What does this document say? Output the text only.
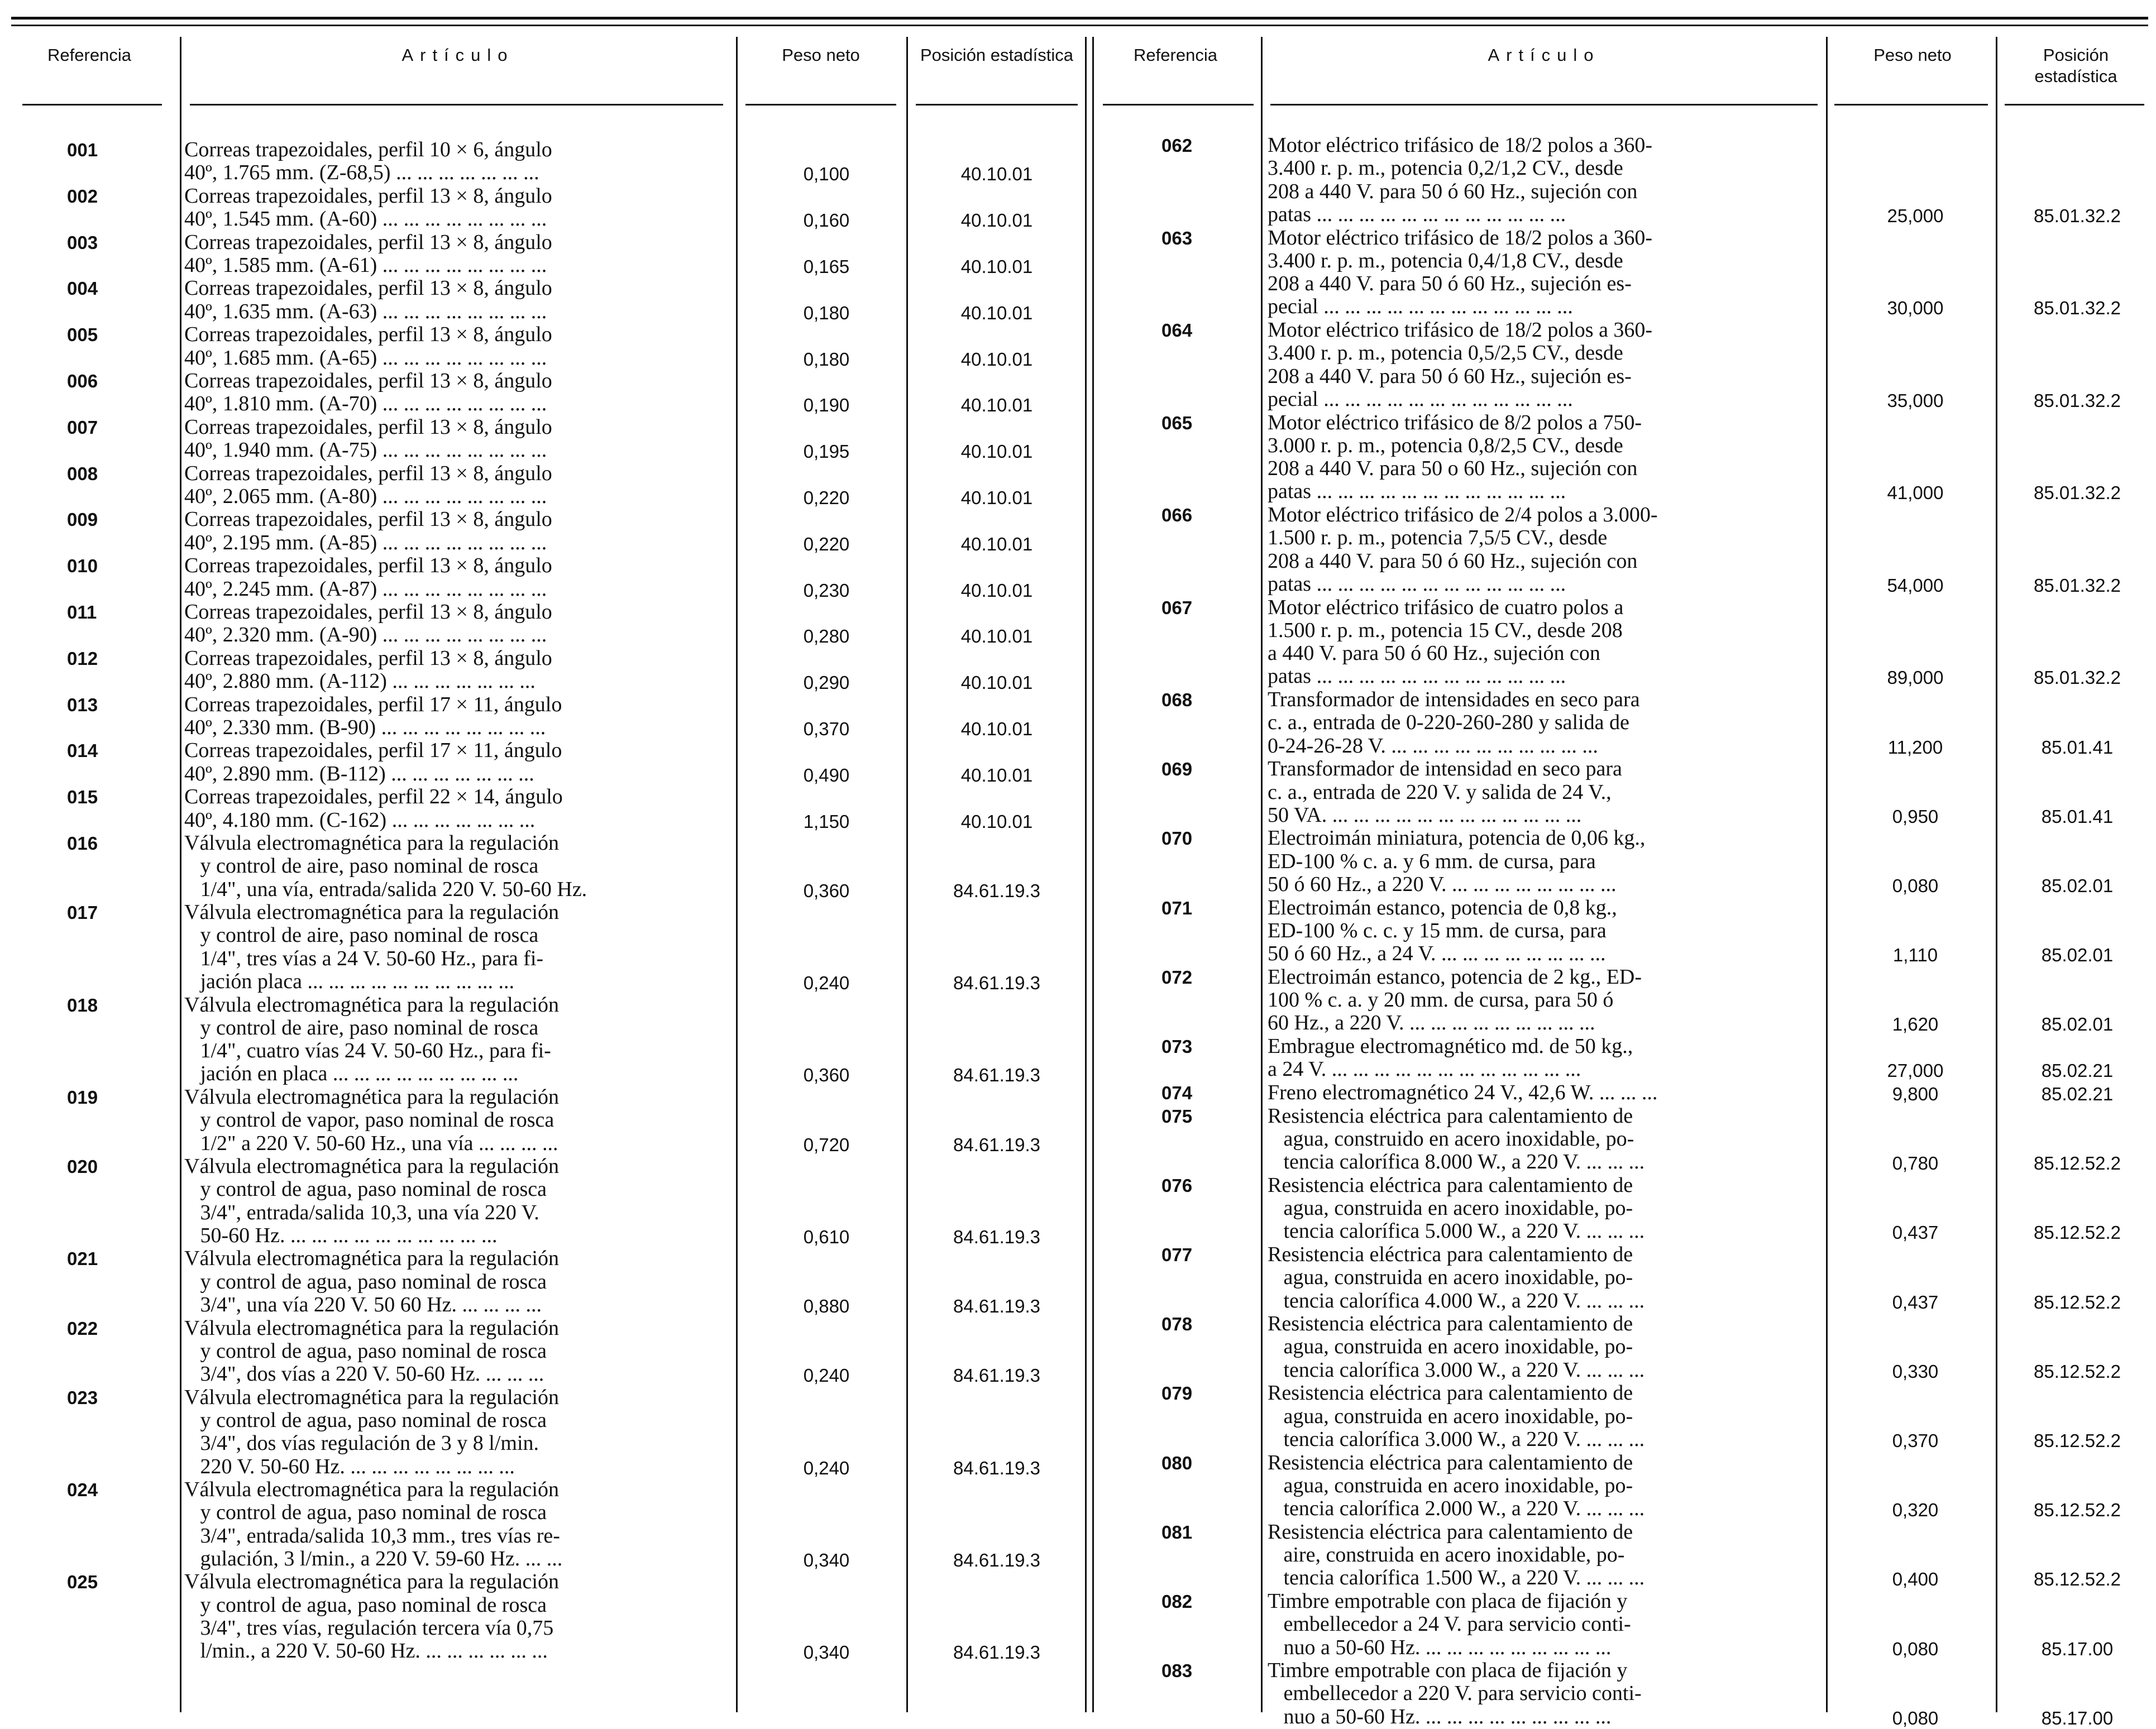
Referencia	Artículo	Peso neto	Posición estadística	Referencia	Artículo	Peso neto	Posición estadística
001	Correas trapezoidales, perfil 10 × 6, ángulo
40º, 1.765 mm. (Z-68,5) ... ... ... ... ... ... ...	0,100	40.10.01
002	Correas trapezoidales, perfil 13 × 8, ángulo
40º, 1.545 mm. (A-60) ... ... ... ... ... ... ... ...	0,160	40.10.01
003	Correas trapezoidales, perfil 13 × 8, ángulo
40º, 1.585 mm. (A-61) ... ... ... ... ... ... ... ...	0,165	40.10.01
004	Correas trapezoidales, perfil 13 × 8, ángulo
40º, 1.635 mm. (A-63) ... ... ... ... ... ... ... ...	0,180	40.10.01
005	Correas trapezoidales, perfil 13 × 8, ángulo
40º, 1.685 mm. (A-65) ... ... ... ... ... ... ... ...	0,180	40.10.01
006	Correas trapezoidales, perfil 13 × 8, ángulo
40º, 1.810 mm. (A-70) ... ... ... ... ... ... ... ...	0,190	40.10.01
007	Correas trapezoidales, perfil 13 × 8, ángulo
40º, 1.940 mm. (A-75) ... ... ... ... ... ... ... ...	0,195	40.10.01
008	Correas trapezoidales, perfil 13 × 8, ángulo
40º, 2.065 mm. (A-80) ... ... ... ... ... ... ... ...	0,220	40.10.01
009	Correas trapezoidales, perfil 13 × 8, ángulo
40º, 2.195 mm. (A-85) ... ... ... ... ... ... ... ...	0,220	40.10.01
010	Correas trapezoidales, perfil 13 × 8, ángulo
40º, 2.245 mm. (A-87) ... ... ... ... ... ... ... ...	0,230	40.10.01
011	Correas trapezoidales, perfil 13 × 8, ángulo
40º, 2.320 mm. (A-90) ... ... ... ... ... ... ... ...	0,280	40.10.01
012	Correas trapezoidales, perfil 13 × 8, ángulo
40º, 2.880 mm. (A-112) ... ... ... ... ... ... ...	0,290	40.10.01
013	Correas trapezoidales, perfil 17 × 11, ángulo
40º, 2.330 mm. (B-90) ... ... ... ... ... ... ... ...	0,370	40.10.01
014	Correas trapezoidales, perfil 17 × 11, ángulo
40º, 2.890 mm. (B-112) ... ... ... ... ... ... ...	0,490	40.10.01
015	Correas trapezoidales, perfil 22 × 14, ángulo
40º, 4.180 mm. (C-162) ... ... ... ... ... ... ...	1,150	40.10.01
016	Válvula electromagnética para la regulación
y control de aire, paso nominal de rosca
1/4", una vía, entrada/salida 220 V. 50-60 Hz.	0,360	84.61.19.3
017	Válvula electromagnética para la regulación
y control de aire, paso nominal de rosca
1/4", tres vías a 24 V. 50-60 Hz., para fi-
jación placa ... ... ... ... ... ... ... ... ... ...	0,240	84.61.19.3
018	Válvula electromagnética para la regulación
y control de aire, paso nominal de rosca
1/4", cuatro vías 24 V. 50-60 Hz., para fi-
jación en placa ... ... ... ... ... ... ... ... ...	0,360	84.61.19.3
019	Válvula electromagnética para la regulación
y control de vapor, paso nominal de rosca
1/2" a 220 V. 50-60 Hz., una vía ... ... ... ...	0,720	84.61.19.3
020	Válvula electromagnética para la regulación
y control de agua, paso nominal de rosca
3/4", entrada/salida 10,3, una vía 220 V.
50-60 Hz. ... ... ... ... ... ... ... ... ... ...	0,610	84.61.19.3
021	Válvula electromagnética para la regulación
y control de agua, paso nominal de rosca
3/4", una vía 220 V. 50 60 Hz. ... ... ... ...	0,880	84.61.19.3
022	Válvula electromagnética para la regulación
y control de agua, paso nominal de rosca
3/4", dos vías a 220 V. 50-60 Hz. ... ... ...	0,240	84.61.19.3
023	Válvula electromagnética para la regulación
y control de agua, paso nominal de rosca
3/4", dos vías regulación de 3 y 8 l/min.
220 V. 50-60 Hz. ... ... ... ... ... ... ... ...	0,240	84.61.19.3
024	Válvula electromagnética para la regulación
y control de agua, paso nominal de rosca
3/4", entrada/salida 10,3 mm., tres vías re-
gulación, 3 l/min., a 220 V. 59-60 Hz. ... ...	0,340	84.61.19.3
025	Válvula electromagnética para la regulación
y control de agua, paso nominal de rosca
3/4", tres vías, regulación tercera vía 0,75
l/min., a 220 V. 50-60 Hz. ... ... ... ... ... ...	0,340	84.61.19.3
062	Motor eléctrico trifásico de 18/2 polos a 360-
3.400 r. p. m., potencia 0,2/1,2 CV., desde
208 a 440 V. para 50 ó 60 Hz., sujeción con
patas ... ... ... ... ... ... ... ... ... ... ... ...	25,000	85.01.32.2
063	Motor eléctrico trifásico de 18/2 polos a 360-
3.400 r. p. m., potencia 0,4/1,8 CV., desde
208 a 440 V. para 50 ó 60 Hz., sujeción es-
pecial ... ... ... ... ... ... ... ... ... ... ... ...	30,000	85.01.32.2
064	Motor eléctrico trifásico de 18/2 polos a 360-
3.400 r. p. m., potencia 0,5/2,5 CV., desde
208 a 440 V. para 50 ó 60 Hz., sujeción es-
pecial ... ... ... ... ... ... ... ... ... ... ... ...	35,000	85.01.32.2
065	Motor eléctrico trifásico de 8/2 polos a 750-
3.000 r. p. m., potencia 0,8/2,5 CV., desde
208 a 440 V. para 50 o 60 Hz., sujeción con
patas ... ... ... ... ... ... ... ... ... ... ... ...	41,000	85.01.32.2
066	Motor eléctrico trifásico de 2/4 polos a 3.000-
1.500 r. p. m., potencia 7,5/5 CV., desde
208 a 440 V. para 50 ó 60 Hz., sujeción con
patas ... ... ... ... ... ... ... ... ... ... ... ...	54,000	85.01.32.2
067	Motor eléctrico trifásico de cuatro polos a
1.500 r. p. m., potencia 15 CV., desde 208
a 440 V. para 50 ó 60 Hz., sujeción con
patas ... ... ... ... ... ... ... ... ... ... ... ...	89,000	85.01.32.2
068	Transformador de intensidades en seco para
c. a., entrada de 0-220-260-280 y salida de
0-24-26-28 V. ... ... ... ... ... ... ... ... ... ...	11,200	85.01.41
069	Transformador de intensidad en seco para
c. a., entrada de 220 V. y salida de 24 V.,
50 VA. ... ... ... ... ... ... ... ... ... ... ... ...	0,950	85.01.41
070	Electroimán miniatura, potencia de 0,06 kg.,
ED-100 % c. a. y 6 mm. de cursa, para
50 ó 60 Hz., a 220 V. ... ... ... ... ... ... ... ...	0,080	85.02.01
071	Electroimán estanco, potencia de 0,8 kg.,
ED-100 % c. c. y 15 mm. de cursa, para
50 ó 60 Hz., a 24 V. ... ... ... ... ... ... ... ...	1,110	85.02.01
072	Electroimán estanco, potencia de 2 kg., ED-
100 % c. a. y 20 mm. de cursa, para 50 ó
60 Hz., a 220 V. ... ... ... ... ... ... ... ... ...	1,620	85.02.01
073	Embrague electromagnético md. de 50 kg.,
a 24 V. ... ... ... ... ... ... ... ... ... ... ... ...	27,000	85.02.21
074	Freno electromagnético 24 V., 42,6 W. ... ... ...	9,800	85.02.21
075	Resistencia eléctrica para calentamiento de
agua, construido en acero inoxidable, po-
tencia calorífica 8.000 W., a 220 V. ... ... ...	0,780	85.12.52.2
076	Resistencia eléctrica para calentamiento de
agua, construida en acero inoxidable, po-
tencia calorífica 5.000 W., a 220 V. ... ... ...	0,437	85.12.52.2
077	Resistencia eléctrica para calentamiento de
agua, construida en acero inoxidable, po-
tencia calorífica 4.000 W., a 220 V. ... ... ...	0,437	85.12.52.2
078	Resistencia eléctrica para calentamiento de
agua, construida en acero inoxidable, po-
tencia calorífica 3.000 W., a 220 V. ... ... ...	0,330	85.12.52.2
079	Resistencia eléctrica para calentamiento de
agua, construida en acero inoxidable, po-
tencia calorífica 3.000 W., a 220 V. ... ... ...	0,370	85.12.52.2
080	Resistencia eléctrica para calentamiento de
agua, construida en acero inoxidable, po-
tencia calorífica 2.000 W., a 220 V. ... ... ...	0,320	85.12.52.2
081	Resistencia eléctrica para calentamiento de
aire, construida en acero inoxidable, po-
tencia calorífica 1.500 W., a 220 V. ... ... ...	0,400	85.12.52.2
082	Timbre empotrable con placa de fijación y
embellecedor a 24 V. para servicio conti-
nuo a 50-60 Hz. ... ... ... ... ... ... ... ... ...	0,080	85.17.00
083	Timbre empotrable con placa de fijación y
embellecedor a 220 V. para servicio conti-
nuo a 50-60 Hz. ... ... ... ... ... ... ... ... ...	0,080	85.17.00
